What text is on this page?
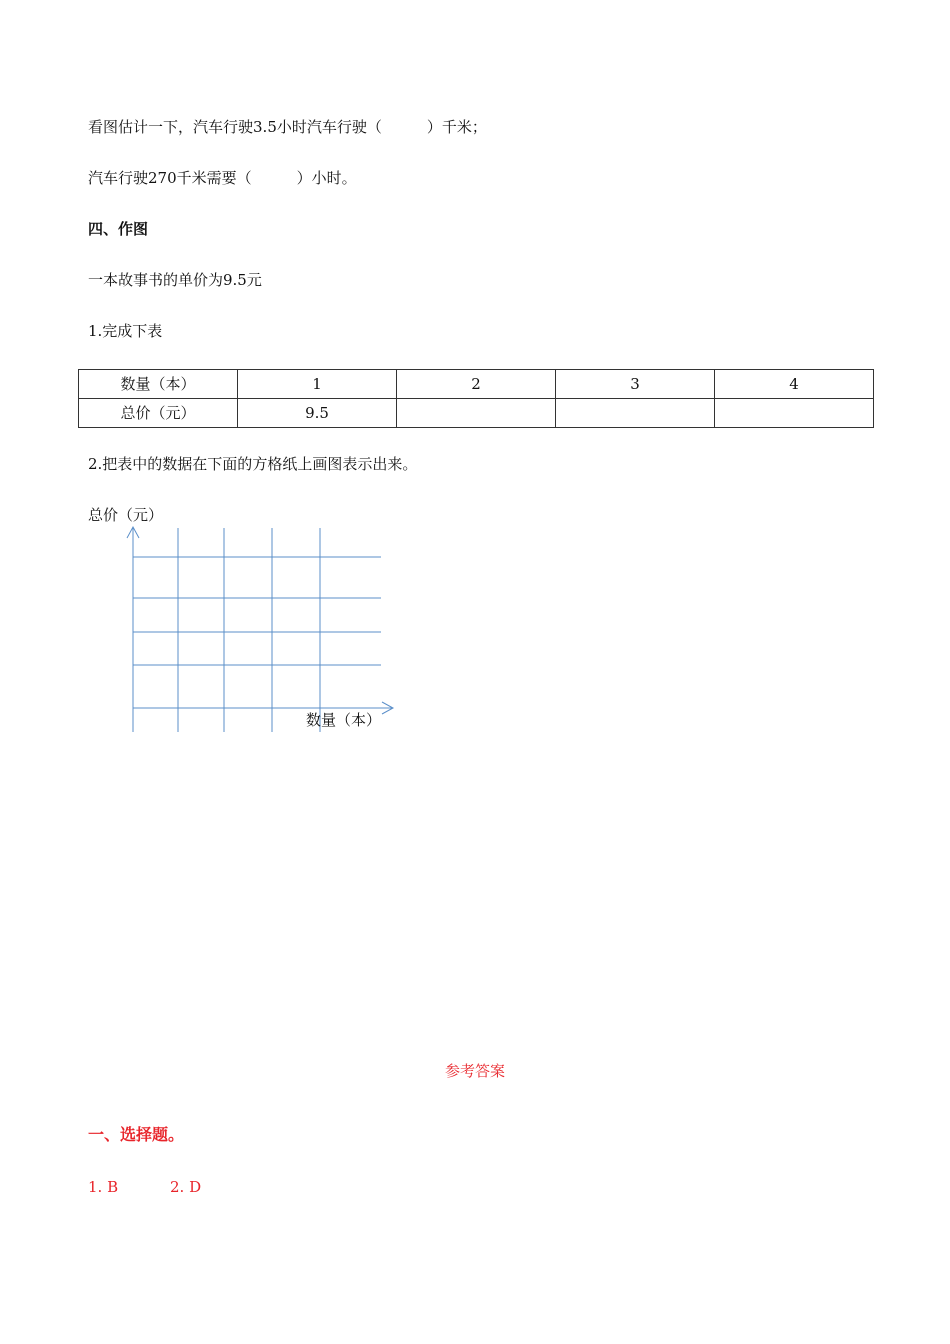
看图估计一下，汽车行驶3.5小时汽车行驶（　　　）千米；
汽车行驶270千米需要（　　　）小时。
四、作图
一本故事书的单价为9.5元
1.完成下表
数量（本）	1	2	3	4
总价（元）	9.5			
2.把表中的数据在下面的方格纸上画图表示出来。
总价（元）
数量（本）
参考答案
一、选择题。
1. B	2. D
